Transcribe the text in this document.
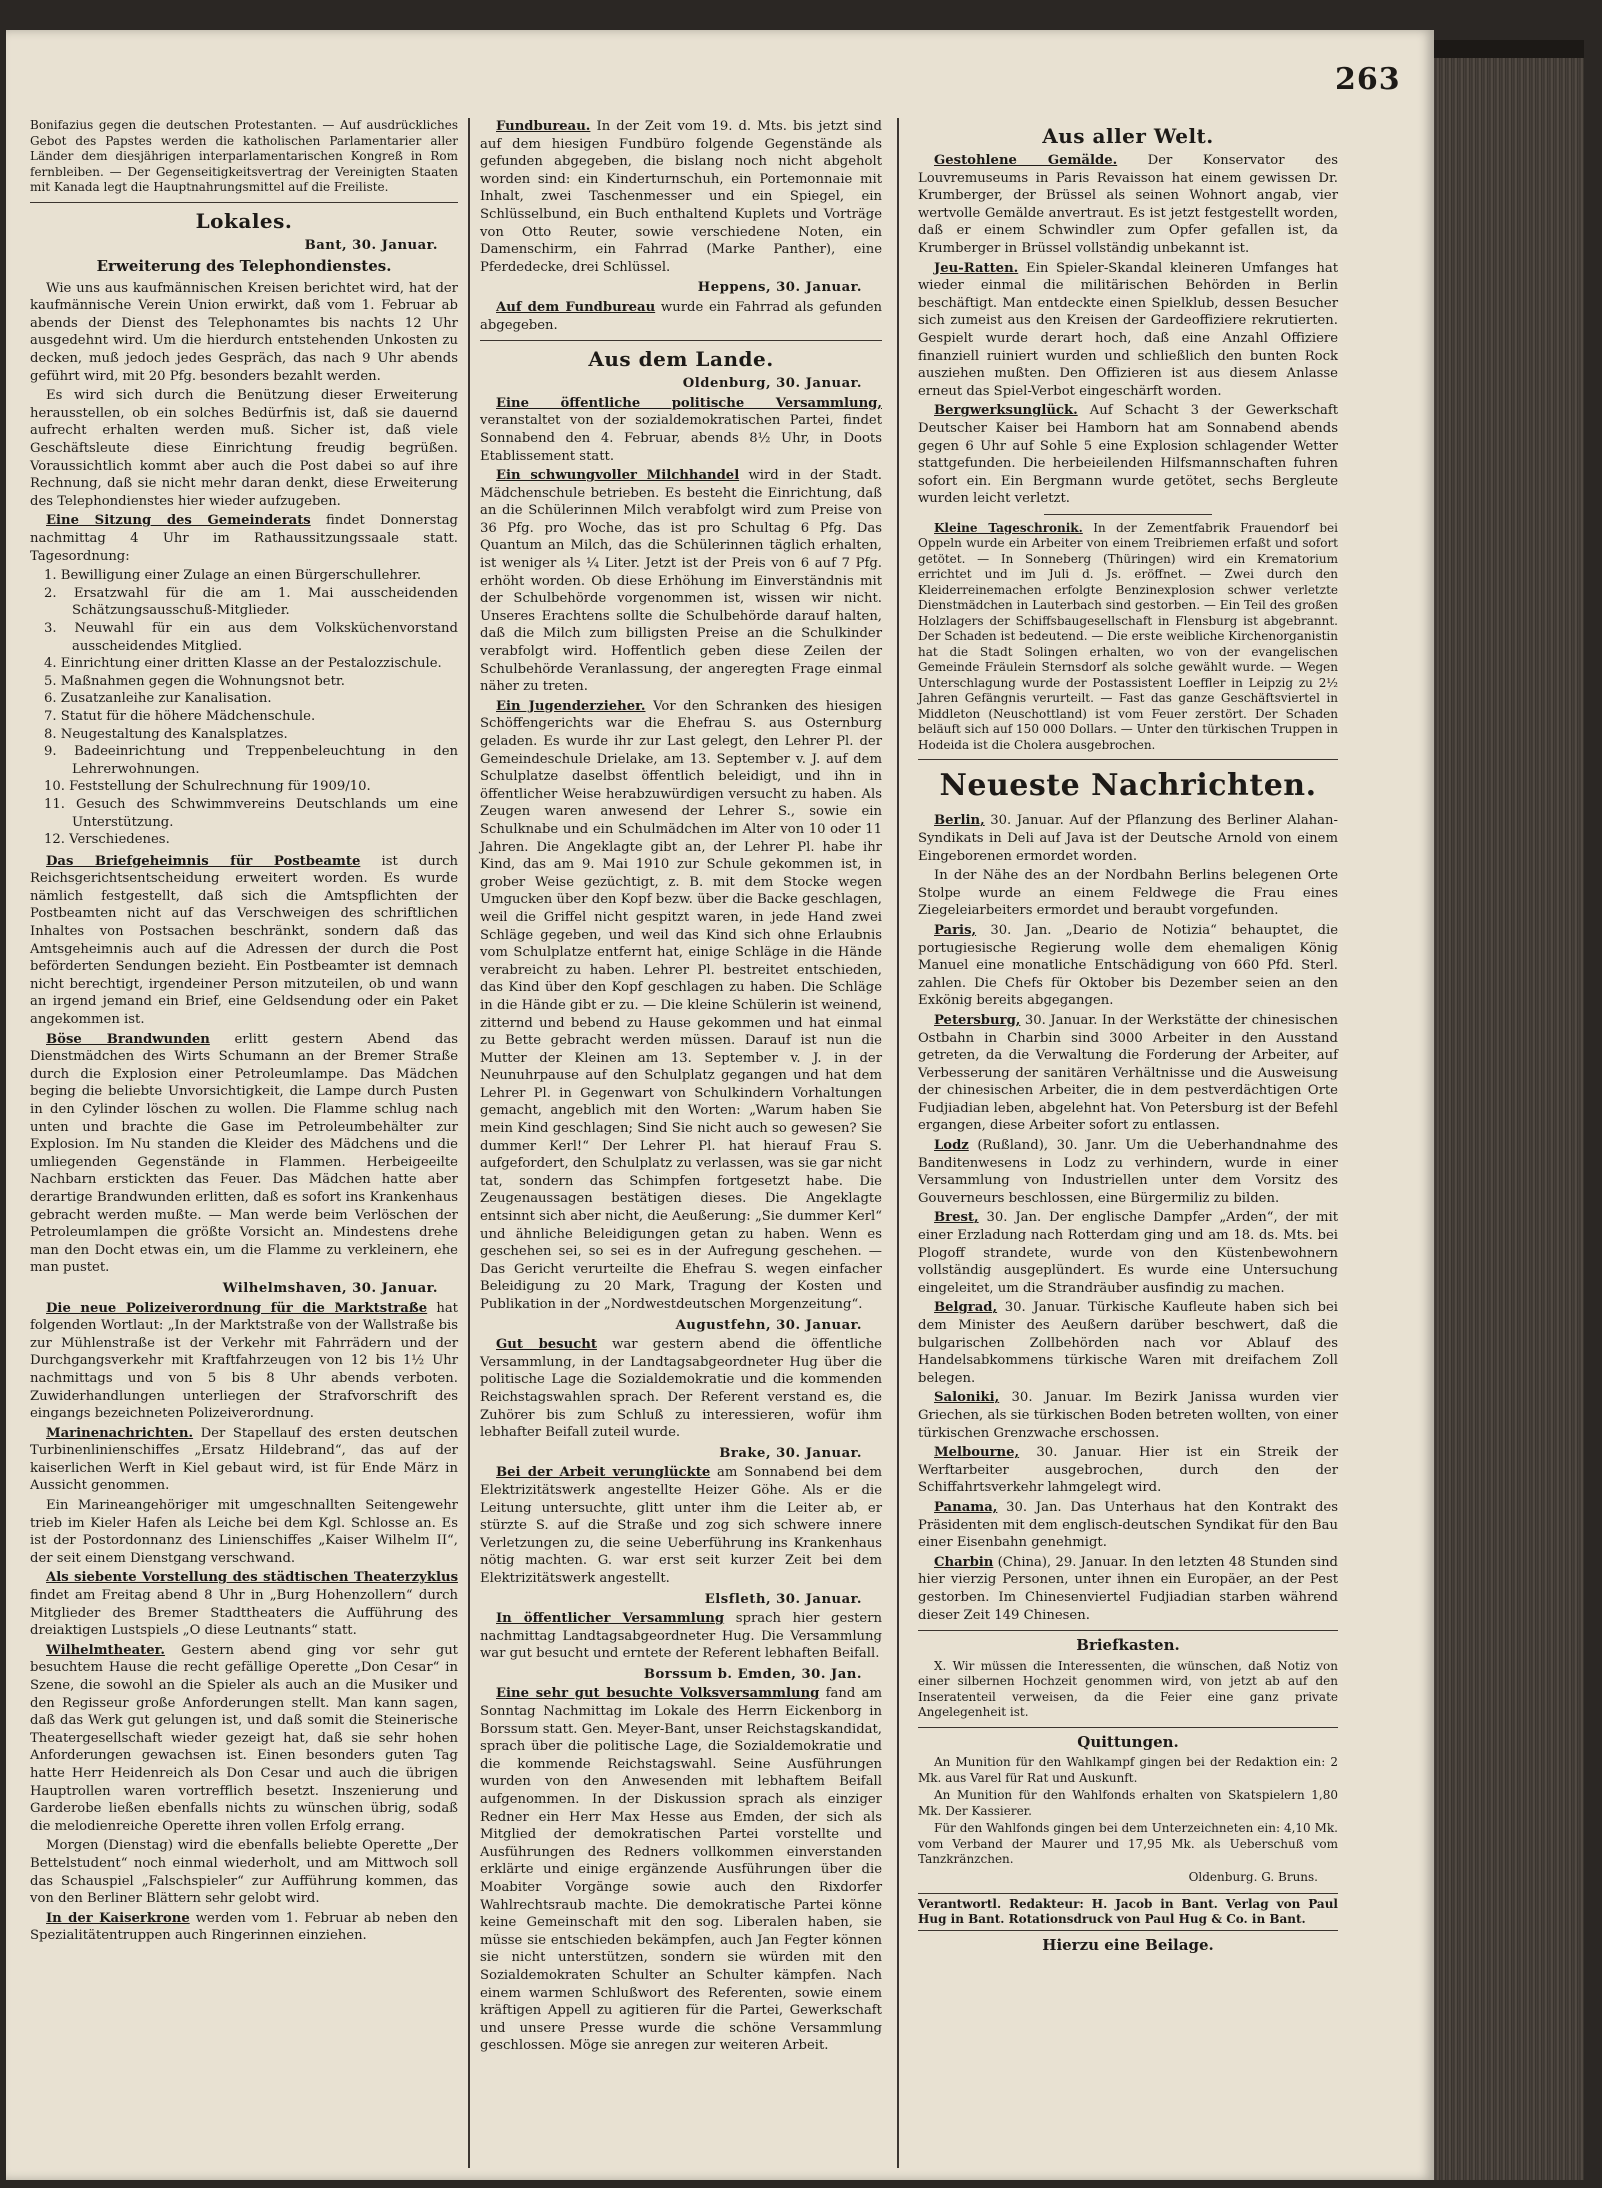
263

Bonifazius gegen die deutschen Protestanten. — Auf ausdrückliches Gebot des Papstes werden die katholischen Parlamentarier aller Länder dem diesjährigen interparlamentarischen Kongreß in Rom fernbleiben. — Der Gegenseitigkeitsvertrag der Vereinigten Staaten mit Kanada legt die Hauptnahrungsmittel auf die Freiliste.

Lokales.
Bant, 30. Januar.
Erweiterung des Telephondienstes.

Wie uns aus kaufmännischen Kreisen berichtet wird, hat der kaufmännische Verein Union erwirkt, daß vom 1. Februar ab abends der Dienst des Telephonamtes bis nachts 12 Uhr ausgedehnt wird. Um die hierdurch entstehenden Unkosten zu decken, muß jedoch jedes Gespräch, das nach 9 Uhr abends geführt wird, mit 20 Pfg. besonders bezahlt werden.

Es wird sich durch die Benützung dieser Erweiterung herausstellen, ob ein solches Bedürfnis ist, daß sie dauernd aufrecht erhalten werden muß. Sicher ist, daß viele Geschäftsleute diese Einrichtung freudig begrüßen. Voraussichtlich kommt aber auch die Post dabei so auf ihre Rechnung, daß sie nicht mehr daran denkt, diese Erweiterung des Telephondienstes hier wieder aufzugeben.

Eine Sitzung des Gemeinderats findet Donnerstag nachmittag 4 Uhr im Rathaussitzungssaale statt. Tagesordnung:

1. Bewilligung einer Zulage an einen Bürgerschullehrer.
2. Ersatzwahl für die am 1. Mai ausscheidenden Schätzungsausschuß-Mitglieder.
3. Neuwahl für ein aus dem Volksküchenvorstand ausscheidendes Mitglied.
4. Einrichtung einer dritten Klasse an der Pestalozzischule.
5. Maßnahmen gegen die Wohnungsnot betr.
6. Zusatzanleihe zur Kanalisation.
7. Statut für die höhere Mädchenschule.
8. Neugestaltung des Kanalsplatzes.
9. Badeeinrichtung und Treppenbeleuchtung in den Lehrerwohnungen.
10. Feststellung der Schulrechnung für 1909/10.
11. Gesuch des Schwimmvereins Deutschlands um eine Unterstützung.
12. Verschiedenes.

Das Briefgeheimnis für Postbeamte ist durch Reichsgerichtsentscheidung erweitert worden. Es wurde nämlich festgestellt, daß sich die Amtspflichten der Postbeamten nicht auf das Verschweigen des schriftlichen Inhaltes von Postsachen beschränkt, sondern daß das Amtsgeheimnis auch auf die Adressen der durch die Post beförderten Sendungen bezieht. Ein Postbeamter ist demnach nicht berechtigt, irgendeiner Person mitzuteilen, ob und wann an irgend jemand ein Brief, eine Geldsendung oder ein Paket angekommen ist.

Böse Brandwunden erlitt gestern Abend das Dienstmädchen des Wirts Schumann an der Bremer Straße durch die Explosion einer Petroleumlampe. Das Mädchen beging die beliebte Unvorsichtigkeit, die Lampe durch Pusten in den Cylinder löschen zu wollen. Die Flamme schlug nach unten und brachte die Gase im Petroleumbehälter zur Explosion. Im Nu standen die Kleider des Mädchens und die umliegenden Gegenstände in Flammen. Herbeigeeilte Nachbarn erstickten das Feuer. Das Mädchen hatte aber derartige Brandwunden erlitten, daß es sofort ins Krankenhaus gebracht werden mußte. — Man werde beim Verlöschen der Petroleumlampen die größte Vorsicht an. Mindestens drehe man den Docht etwas ein, um die Flamme zu verkleinern, ehe man pustet.

Wilhelmshaven, 30. Januar.

Die neue Polizeiverordnung für die Marktstraße hat folgenden Wortlaut: „In der Marktstraße von der Wallstraße bis zur Mühlenstraße ist der Verkehr mit Fahrrädern und der Durchgangsverkehr mit Kraftfahrzeugen von 12 bis 1½ Uhr nachmittags und von 5 bis 8 Uhr abends verboten. Zuwiderhandlungen unterliegen der Strafvorschrift des eingangs bezeichneten Polizeiverordnung.

Marinenachrichten. Der Stapellauf des ersten deutschen Turbinenlinienschiffes „Ersatz Hildebrand“, das auf der kaiserlichen Werft in Kiel gebaut wird, ist für Ende März in Aussicht genommen.

Ein Marineangehöriger mit umgeschnallten Seitengewehr trieb im Kieler Hafen als Leiche bei dem Kgl. Schlosse an. Es ist der Postordonnanz des Linienschiffes „Kaiser Wilhelm II“, der seit einem Dienstgang verschwand.

Als siebente Vorstellung des städtischen Theaterzyklus findet am Freitag abend 8 Uhr in „Burg Hohenzollern“ durch Mitglieder des Bremer Stadttheaters die Aufführung des dreiaktigen Lustspiels „O diese Leutnants“ statt.

Wilhelmtheater. Gestern abend ging vor sehr gut besuchtem Hause die recht gefällige Operette „Don Cesar“ in Szene, die sowohl an die Spieler als auch an die Musiker und den Regisseur große Anforderungen stellt. Man kann sagen, daß das Werk gut gelungen ist, und daß somit die Steinerische Theatergesellschaft wieder gezeigt hat, daß sie sehr hohen Anforderungen gewachsen ist. Einen besonders guten Tag hatte Herr Heidenreich als Don Cesar und auch die übrigen Hauptrollen waren vortrefflich besetzt. Inszenierung und Garderobe ließen ebenfalls nichts zu wünschen übrig, sodaß die melodienreiche Operette ihren vollen Erfolg errang.

Morgen (Dienstag) wird die ebenfalls beliebte Operette „Der Bettelstudent“ noch einmal wiederholt, und am Mittwoch soll das Schauspiel „Falschspieler“ zur Aufführung kommen, das von den Berliner Blättern sehr gelobt wird.

In der Kaiserkrone werden vom 1. Februar ab neben den Spezialitätentruppen auch Ringerinnen einziehen.

Fundbureau. In der Zeit vom 19. d. Mts. bis jetzt sind auf dem hiesigen Fundbüro folgende Gegenstände als gefunden abgegeben, die bislang noch nicht abgeholt worden sind: ein Kinderturnschuh, ein Portemonnaie mit Inhalt, zwei Taschenmesser und ein Spiegel, ein Schlüsselbund, ein Buch enthaltend Kuplets und Vorträge von Otto Reuter, sowie verschiedene Noten, ein Damenschirm, ein Fahrrad (Marke Panther), eine Pferdedecke, drei Schlüssel.

Heppens, 30. Januar.

Auf dem Fundbureau wurde ein Fahrrad als gefunden abgegeben.

Aus dem Lande.
Oldenburg, 30. Januar.

Eine öffentliche politische Versammlung, veranstaltet von der sozialdemokratischen Partei, findet Sonnabend den 4. Februar, abends 8½ Uhr, in Doots Etablissement statt.

Ein schwungvoller Milchhandel wird in der Stadt. Mädchenschule betrieben. Es besteht die Einrichtung, daß an die Schülerinnen Milch verabfolgt wird zum Preise von 36 Pfg. pro Woche, das ist pro Schultag 6 Pfg. Das Quantum an Milch, das die Schülerinnen täglich erhalten, ist weniger als ¼ Liter. Jetzt ist der Preis von 6 auf 7 Pfg. erhöht worden. Ob diese Erhöhung im Einverständnis mit der Schulbehörde vorgenommen ist, wissen wir nicht. Unseres Erachtens sollte die Schulbehörde darauf halten, daß die Milch zum billigsten Preise an die Schulkinder verabfolgt wird. Hoffentlich geben diese Zeilen der Schulbehörde Veranlassung, der angeregten Frage einmal näher zu treten.

Ein Jugenderzieher. Vor den Schranken des hiesigen Schöffengerichts war die Ehefrau S. aus Osternburg geladen. Es wurde ihr zur Last gelegt, den Lehrer Pl. der Gemeindeschule Drielake, am 13. September v. J. auf dem Schulplatze daselbst öffentlich beleidigt, und ihn in öffentlicher Weise herabzuwürdigen versucht zu haben. Als Zeugen waren anwesend der Lehrer S., sowie ein Schulknabe und ein Schulmädchen im Alter von 10 oder 11 Jahren. Die Angeklagte gibt an, der Lehrer Pl. habe ihr Kind, das am 9. Mai 1910 zur Schule gekommen ist, in grober Weise gezüchtigt, z. B. mit dem Stocke wegen Umgucken über den Kopf bezw. über die Backe geschlagen, weil die Griffel nicht gespitzt waren, in jede Hand zwei Schläge gegeben, und weil das Kind sich ohne Erlaubnis vom Schulplatze entfernt hat, einige Schläge in die Hände verabreicht zu haben. Lehrer Pl. bestreitet entschieden, das Kind über den Kopf geschlagen zu haben. Die Schläge in die Hände gibt er zu. — Die kleine Schülerin ist weinend, zitternd und bebend zu Hause gekommen und hat einmal zu Bette gebracht werden müssen. Darauf ist nun die Mutter der Kleinen am 13. September v. J. in der Neunuhrpause auf den Schulplatz gegangen und hat dem Lehrer Pl. in Gegenwart von Schulkindern Vorhaltungen gemacht, angeblich mit den Worten: „Warum haben Sie mein Kind geschlagen; Sind Sie nicht auch so gewesen? Sie dummer Kerl!“ Der Lehrer Pl. hat hierauf Frau S. aufgefordert, den Schulplatz zu verlassen, was sie gar nicht tat, sondern das Schimpfen fortgesetzt habe. Die Zeugenaussagen bestätigen dieses. Die Angeklagte entsinnt sich aber nicht, die Aeußerung: „Sie dummer Kerl“ und ähnliche Beleidigungen getan zu haben. Wenn es geschehen sei, so sei es in der Aufregung geschehen. — Das Gericht verurteilte die Ehefrau S. wegen einfacher Beleidigung zu 20 Mark, Tragung der Kosten und Publikation in der „Nordwestdeutschen Morgenzeitung“.

Augustfehn, 30. Januar.

Gut besucht war gestern abend die öffentliche Versammlung, in der Landtagsabgeordneter Hug über die politische Lage die Sozialdemokratie und die kommenden Reichstagswahlen sprach. Der Referent verstand es, die Zuhörer bis zum Schluß zu interessieren, wofür ihm lebhafter Beifall zuteil wurde.

Brake, 30. Januar.

Bei der Arbeit verunglückte am Sonnabend bei dem Elektrizitätswerk angestellte Heizer Göhe. Als er die Leitung untersuchte, glitt unter ihm die Leiter ab, er stürzte S. auf die Straße und zog sich schwere innere Verletzungen zu, die seine Ueberführung ins Krankenhaus nötig machten. G. war erst seit kurzer Zeit bei dem Elektrizitätswerk angestellt.

Elsfleth, 30. Januar.

In öffentlicher Versammlung sprach hier gestern nachmittag Landtagsabgeordneter Hug. Die Versammlung war gut besucht und erntete der Referent lebhaften Beifall.

Borssum b. Emden, 30. Jan.

Eine sehr gut besuchte Volksversammlung fand am Sonntag Nachmittag im Lokale des Herrn Eickenborg in Borssum statt. Gen. Meyer-Bant, unser Reichstagskandidat, sprach über die politische Lage, die Sozialdemokratie und die kommende Reichstagswahl. Seine Ausführungen wurden von den Anwesenden mit lebhaftem Beifall aufgenommen. In der Diskussion sprach als einziger Redner ein Herr Max Hesse aus Emden, der sich als Mitglied der demokratischen Partei vorstellte und Ausführungen des Redners vollkommen einverstanden erklärte und einige ergänzende Ausführungen über die Moabiter Vorgänge sowie auch den Rixdorfer Wahlrechtsraub machte. Die demokratische Partei könne keine Gemeinschaft mit den sog. Liberalen haben, sie müsse sie entschieden bekämpfen, auch Jan Fegter können sie nicht unterstützen, sondern sie würden mit den Sozialdemokraten Schulter an Schulter kämpfen. Nach einem warmen Schlußwort des Referenten, sowie einem kräftigen Appell zu agitieren für die Partei, Gewerkschaft und unsere Presse wurde die schöne Versammlung geschlossen. Möge sie anregen zur weiteren Arbeit.

Aus aller Welt.

Gestohlene Gemälde. Der Konservator des Louvremuseums in Paris Revaisson hat einem gewissen Dr. Krumberger, der Brüssel als seinen Wohnort angab, vier wertvolle Gemälde anvertraut. Es ist jetzt festgestellt worden, daß er einem Schwindler zum Opfer gefallen ist, da Krumberger in Brüssel vollständig unbekannt ist.

Jeu-Ratten. Ein Spieler-Skandal kleineren Umfanges hat wieder einmal die militärischen Behörden in Berlin beschäftigt. Man entdeckte einen Spielklub, dessen Besucher sich zumeist aus den Kreisen der Gardeoffiziere rekrutierten. Gespielt wurde derart hoch, daß eine Anzahl Offiziere finanziell ruiniert wurden und schließlich den bunten Rock ausziehen mußten. Den Offizieren ist aus diesem Anlasse erneut das Spiel-Verbot eingeschärft worden.

Bergwerksunglück. Auf Schacht 3 der Gewerkschaft Deutscher Kaiser bei Hamborn hat am Sonnabend abends gegen 6 Uhr auf Sohle 5 eine Explosion schlagender Wetter stattgefunden. Die herbeieilenden Hilfsmannschaften fuhren sofort ein. Ein Bergmann wurde getötet, sechs Bergleute wurden leicht verletzt.

Kleine Tageschronik. In der Zementfabrik Frauendorf bei Oppeln wurde ein Arbeiter von einem Treibriemen erfaßt und sofort getötet. — In Sonneberg (Thüringen) wird ein Krematorium errichtet und im Juli d. Js. eröffnet. — Zwei durch den Kleiderreinemachen erfolgte Benzinexplosion schwer verletzte Dienstmädchen in Lauterbach sind gestorben. — Ein Teil des großen Holzlagers der Schiffsbaugesellschaft in Flensburg ist abgebrannt. Der Schaden ist bedeutend. — Die erste weibliche Kirchenorganistin hat die Stadt Solingen erhalten, wo von der evangelischen Gemeinde Fräulein Sternsdorf als solche gewählt wurde. — Wegen Unterschlagung wurde der Postassistent Loeffler in Leipzig zu 2½ Jahren Gefängnis verurteilt. — Fast das ganze Geschäftsviertel in Middleton (Neuschottland) ist vom Feuer zerstört. Der Schaden beläuft sich auf 150 000 Dollars. — Unter den türkischen Truppen in Hodeida ist die Cholera ausgebrochen.

Neueste Nachrichten.

Berlin, 30. Januar. Auf der Pflanzung des Berliner Alahan-Syndikats in Deli auf Java ist der Deutsche Arnold von einem Eingeborenen ermordet worden.

In der Nähe des an der Nordbahn Berlins belegenen Orte Stolpe wurde an einem Feldwege die Frau eines Ziegeleiarbeiters ermordet und beraubt vorgefunden.

Paris, 30. Jan. „Deario de Notizia“ behauptet, die portugiesische Regierung wolle dem ehemaligen König Manuel eine monatliche Entschädigung von 660 Pfd. Sterl. zahlen. Die Chefs für Oktober bis Dezember seien an den Exkönig bereits abgegangen.

Petersburg, 30. Januar. In der Werkstätte der chinesischen Ostbahn in Charbin sind 3000 Arbeiter in den Ausstand getreten, da die Verwaltung die Forderung der Arbeiter, auf Verbesserung der sanitären Verhältnisse und die Ausweisung der chinesischen Arbeiter, die in dem pestverdächtigen Orte Fudjiadian leben, abgelehnt hat. Von Petersburg ist der Befehl ergangen, diese Arbeiter sofort zu entlassen.

Lodz (Rußland), 30. Janr. Um die Ueberhandnahme des Banditenwesens in Lodz zu verhindern, wurde in einer Versammlung von Industriellen unter dem Vorsitz des Gouverneurs beschlossen, eine Bürgermiliz zu bilden.

Brest, 30. Jan. Der englische Dampfer „Arden“, der mit einer Erzladung nach Rotterdam ging und am 18. ds. Mts. bei Plogoff strandete, wurde von den Küstenbewohnern vollständig ausgeplündert. Es wurde eine Untersuchung eingeleitet, um die Strandräuber ausfindig zu machen.

Belgrad, 30. Januar. Türkische Kaufleute haben sich bei dem Minister des Aeußern darüber beschwert, daß die bulgarischen Zollbehörden nach vor Ablauf des Handelsabkommens türkische Waren mit dreifachem Zoll belegen.

Saloniki, 30. Januar. Im Bezirk Janissa wurden vier Griechen, als sie türkischen Boden betreten wollten, von einer türkischen Grenzwache erschossen.

Melbourne, 30. Januar. Hier ist ein Streik der Werftarbeiter ausgebrochen, durch den der Schiffahrtsverkehr lahmgelegt wird.

Panama, 30. Jan. Das Unterhaus hat den Kontrakt des Präsidenten mit dem englisch-deutschen Syndikat für den Bau einer Eisenbahn genehmigt.

Charbin (China), 29. Januar. In den letzten 48 Stunden sind hier vierzig Personen, unter ihnen ein Europäer, an der Pest gestorben. Im Chinesenviertel Fudjiadian starben während dieser Zeit 149 Chinesen.

Briefkasten.

X. Wir müssen die Interessenten, die wünschen, daß Notiz von einer silbernen Hochzeit genommen wird, von jetzt ab auf den Inseratenteil verweisen, da die Feier eine ganz private Angelegenheit ist.

Quittungen.

An Munition für den Wahlkampf gingen bei der Redaktion ein: 2 Mk. aus Varel für Rat und Auskunft.

An Munition für den Wahlfonds erhalten von Skatspielern 1,80 Mk. Der Kassierer.

Für den Wahlfonds gingen bei dem Unterzeichneten ein: 4,10 Mk. vom Verband der Maurer und 17,95 Mk. als Ueberschuß vom Tanzkränzchen.

Oldenburg. G. Bruns.
Verantwortl. Redakteur: H. Jacob in Bant. Verlag von Paul Hug in Bant. Rotationsdruck von Paul Hug & Co. in Bant.
Hierzu eine Beilage.
